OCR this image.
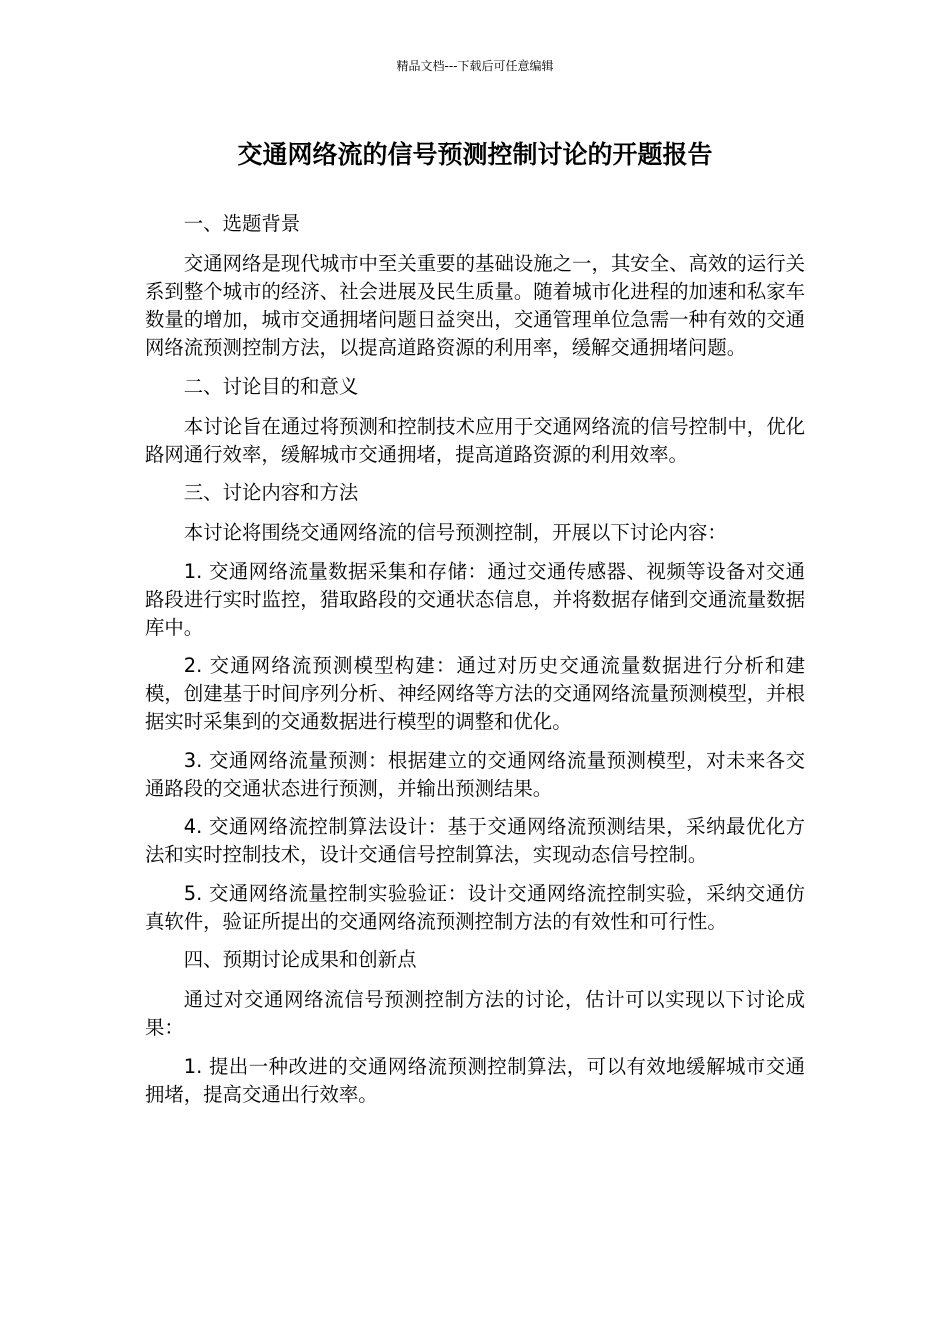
精品文档---下载后可任意编辑
交通网络流的信号预测控制讨论的开题报告

一、选题背景

交通网络是现代城市中至关重要的基础设施之一，其安全、高效的运行关系到整个城市的经济、社会进展及民生质量。随着城市化进程的加速和私家车数量的增加，城市交通拥堵问题日益突出，交通管理单位急需一种有效的交通网络流预测控制方法，以提高道路资源的利用率，缓解交通拥堵问题。

二、讨论目的和意义

本讨论旨在通过将预测和控制技术应用于交通网络流的信号控制中，优化路网通行效率，缓解城市交通拥堵，提高道路资源的利用效率。

三、讨论内容和方法

本讨论将围绕交通网络流的信号预测控制，开展以下讨论内容：

1. 交通网络流量数据采集和存储：通过交通传感器、视频等设备对交通路段进行实时监控，猎取路段的交通状态信息，并将数据存储到交通流量数据库中。

2. 交通网络流预测模型构建：通过对历史交通流量数据进行分析和建模，创建基于时间序列分析、神经网络等方法的交通网络流量预测模型，并根据实时采集到的交通数据进行模型的调整和优化。

3. 交通网络流量预测：根据建立的交通网络流量预测模型，对未来各交通路段的交通状态进行预测，并输出预测结果。

4. 交通网络流控制算法设计：基于交通网络流预测结果，采纳最优化方法和实时控制技术，设计交通信号控制算法，实现动态信号控制。

5. 交通网络流量控制实验验证：设计交通网络流控制实验，采纳交通仿真软件，验证所提出的交通网络流预测控制方法的有效性和可行性。

四、预期讨论成果和创新点

通过对交通网络流信号预测控制方法的讨论，估计可以实现以下讨论成果：

1. 提出一种改进的交通网络流预测控制算法，可以有效地缓解城市交通拥堵，提高交通出行效率。
